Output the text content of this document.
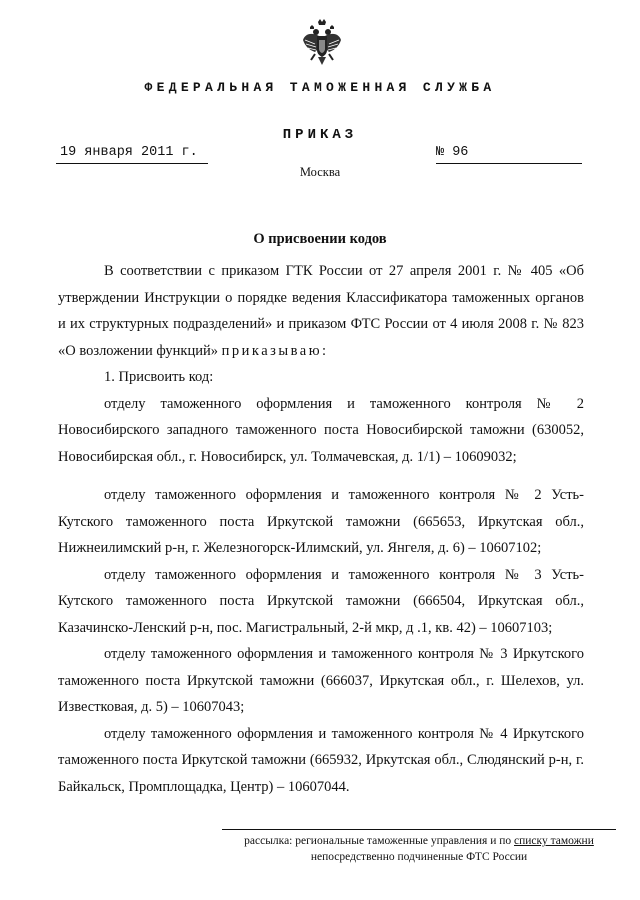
ФЕДЕРАЛЬНАЯ ТАМОЖЕННАЯ СЛУЖБА
ПРИКАЗ
19 января 2011 г.	№ 96
Москва
О присвоении кодов

В соответствии с приказом ГТК России от 27 апреля 2001 г. № 405 «Об утверждении Инструкции о порядке ведения Классификатора таможенных органов и их структурных подразделений» и приказом ФТС России от 4 июля 2008 г. № 823 «О возложении функций» приказываю:

1. Присвоить код:

отделу таможенного оформления и таможенного контроля № 2 Новосибирского западного таможенного поста Новосибирской таможни (630052, Новосибирская обл., г. Новосибирск, ул. Толмачевская, д. 1/1) – 10609032;

отделу таможенного оформления и таможенного контроля № 2 Усть-Кутского таможенного поста Иркутской таможни (665653, Иркутская обл., Нижнеилимский р-н, г. Железногорск-Илимский, ул. Янгеля, д. 6) – 10607102;

отделу таможенного оформления и таможенного контроля № 3 Усть-Кутского таможенного поста Иркутской таможни (666504, Иркутская обл., Казачинско-Ленский р-н, пос. Магистральный, 2-й мкр, д .1, кв. 42) – 10607103;

отделу таможенного оформления и таможенного контроля № 3 Иркутского таможенного поста Иркутской таможни (666037, Иркутская обл., г. Шелехов, ул. Известковая, д. 5) – 10607043;

отделу таможенного оформления и таможенного контроля № 4 Иркутского таможенного поста Иркутской таможни (665932, Иркутская обл., Слюдянский р-н, г. Байкальск, Промплощадка, Центр) – 10607044.

рассылка: региональные таможенные управления и по списку таможни
непосредственно подчиненные ФТС России
